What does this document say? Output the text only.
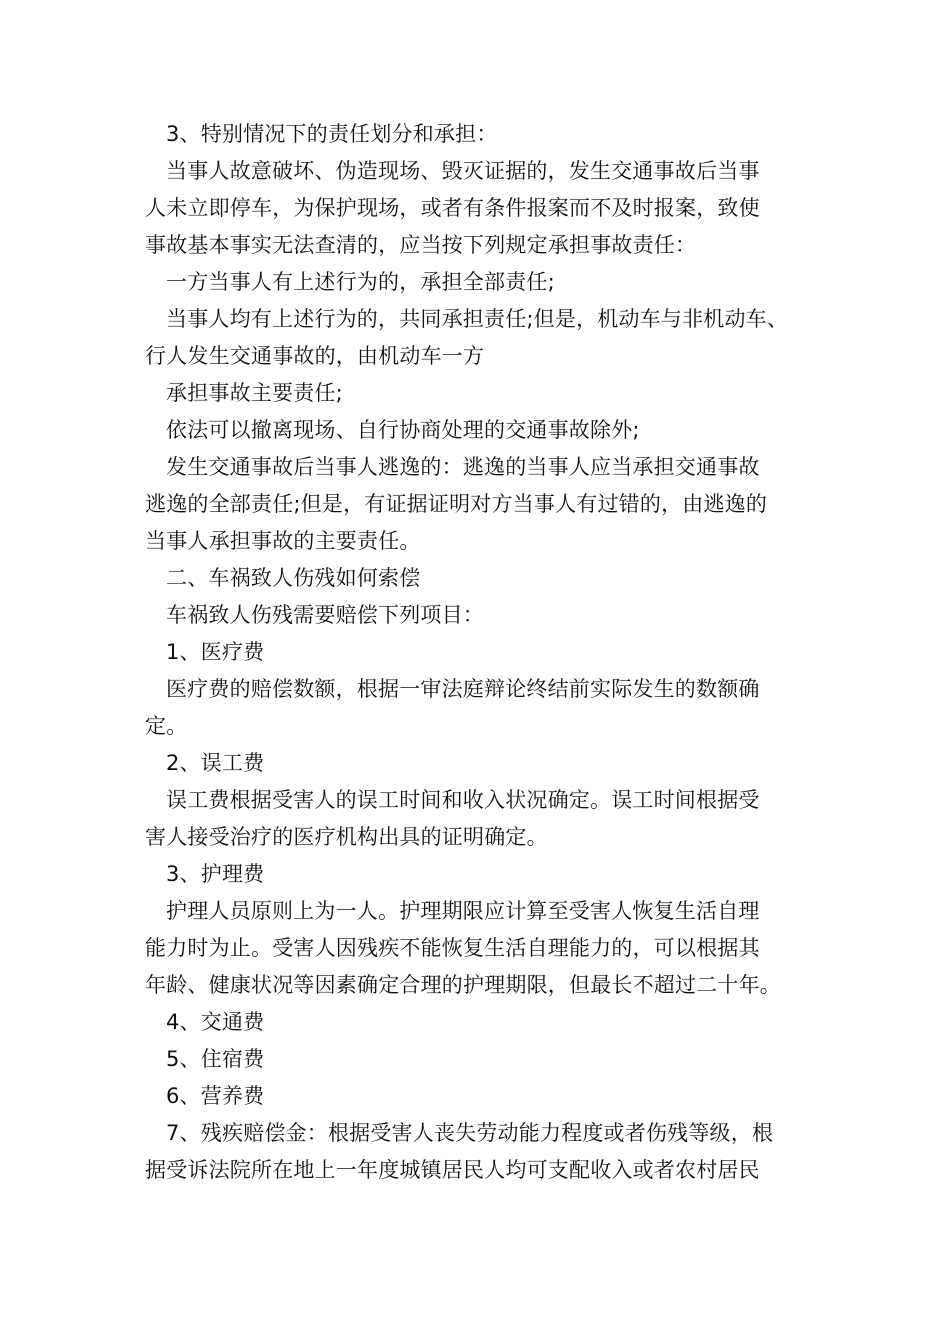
3、特别情况下的责任划分和承担：

当事人故意破坏、伪造现场、毁灭证据的，发生交通事故后当事

人未立即停车，为保护现场，或者有条件报案而不及时报案，致使

事故基本事实无法查清的，应当按下列规定承担事故责任：

一方当事人有上述行为的，承担全部责任;

当事人均有上述行为的，共同承担责任;但是，机动车与非机动车、

行人发生交通事故的，由机动车一方

承担事故主要责任;

依法可以撤离现场、自行协商处理的交通事故除外;

发生交通事故后当事人逃逸的：逃逸的当事人应当承担交通事故

逃逸的全部责任;但是，有证据证明对方当事人有过错的，由逃逸的

当事人承担事故的主要责任。

二、车祸致人伤残如何索偿

车祸致人伤残需要赔偿下列项目：

1、医疗费

医疗费的赔偿数额，根据一审法庭辩论终结前实际发生的数额确

定。

2、误工费

误工费根据受害人的误工时间和收入状况确定。误工时间根据受

害人接受治疗的医疗机构出具的证明确定。

3、护理费

护理人员原则上为一人。护理期限应计算至受害人恢复生活自理

能力时为止。受害人因残疾不能恢复生活自理能力的，可以根据其

年龄、健康状况等因素确定合理的护理期限，但最长不超过二十年。

4、交通费

5、住宿费

6、营养费

7、残疾赔偿金：根据受害人丧失劳动能力程度或者伤残等级，根

据受诉法院所在地上一年度城镇居民人均可支配收入或者农村居民
